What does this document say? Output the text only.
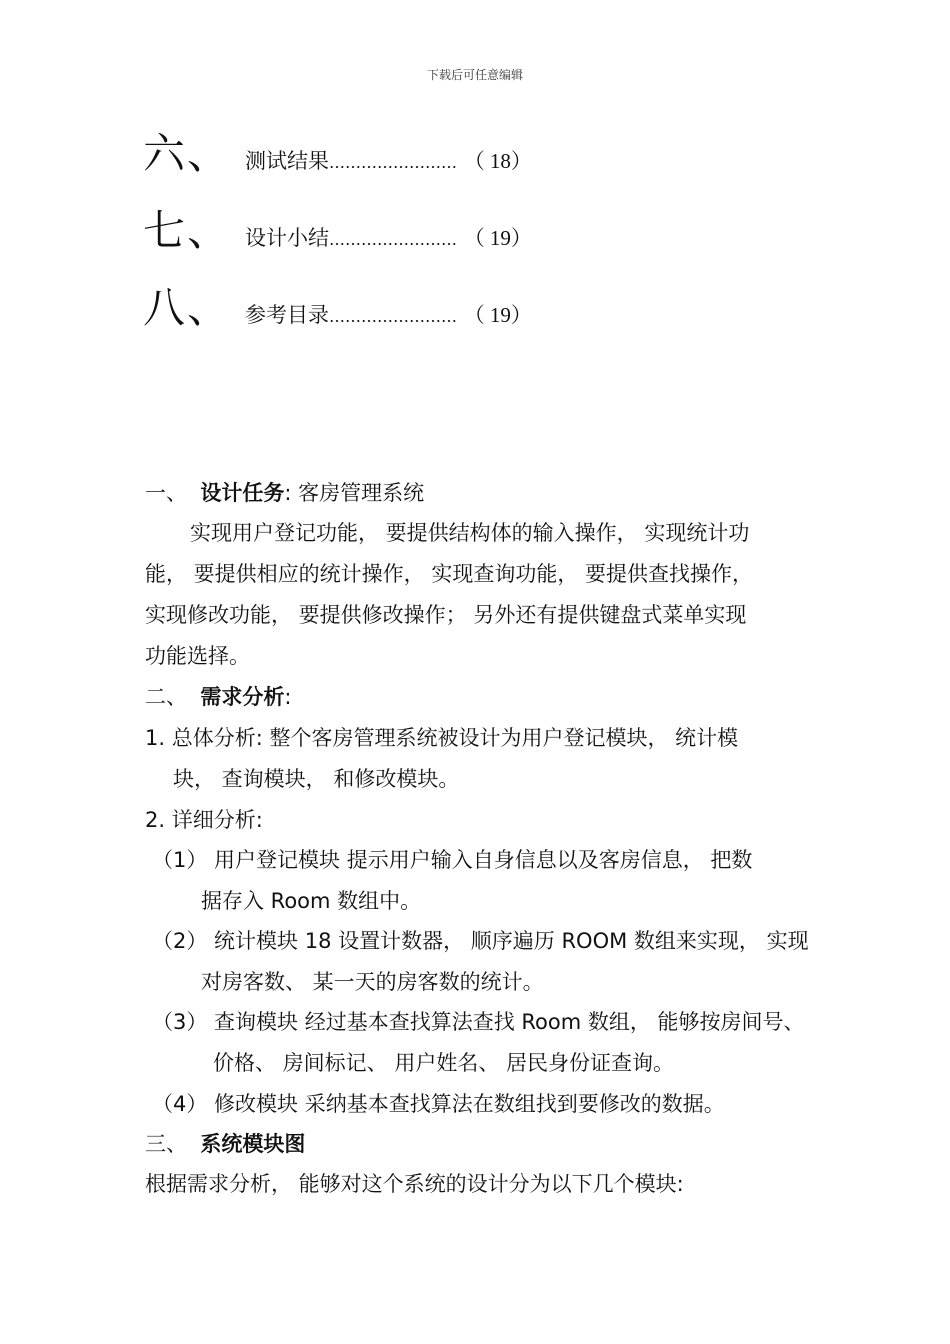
下载后可任意编辑
六、 测试结果…………………… （ 18）
七、 设计小结…………………… （ 19）
八、 参考目录…………………… （ 19）
一、 设计任务: 客房管理系统
实现用户登记功能， 要提供结构体的输入操作， 实现统计功
能， 要提供相应的统计操作， 实现查询功能， 要提供查找操作，
实现修改功能， 要提供修改操作； 另外还有提供键盘式菜单实现
功能选择。
二、 需求分析:
1. 总体分析: 整个客房管理系统被设计为用户登记模块， 统计模
块， 查询模块， 和修改模块。
2. 详细分析:
（1） 用户登记模块 提示用户输入自身信息以及客房信息， 把数
据存入 Room 数组中。
（2） 统计模块 18 设置计数器， 顺序遍历 ROOM 数组来实现， 实现
对房客数、 某一天的房客数的统计。
（3） 查询模块 经过基本查找算法查找 Room 数组， 能够按房间号、
价格、 房间标记、 用户姓名、 居民身份证查询。
（4） 修改模块 采纳基本查找算法在数组找到要修改的数据。
三、 系统模块图
根据需求分析， 能够对这个系统的设计分为以下几个模块:
